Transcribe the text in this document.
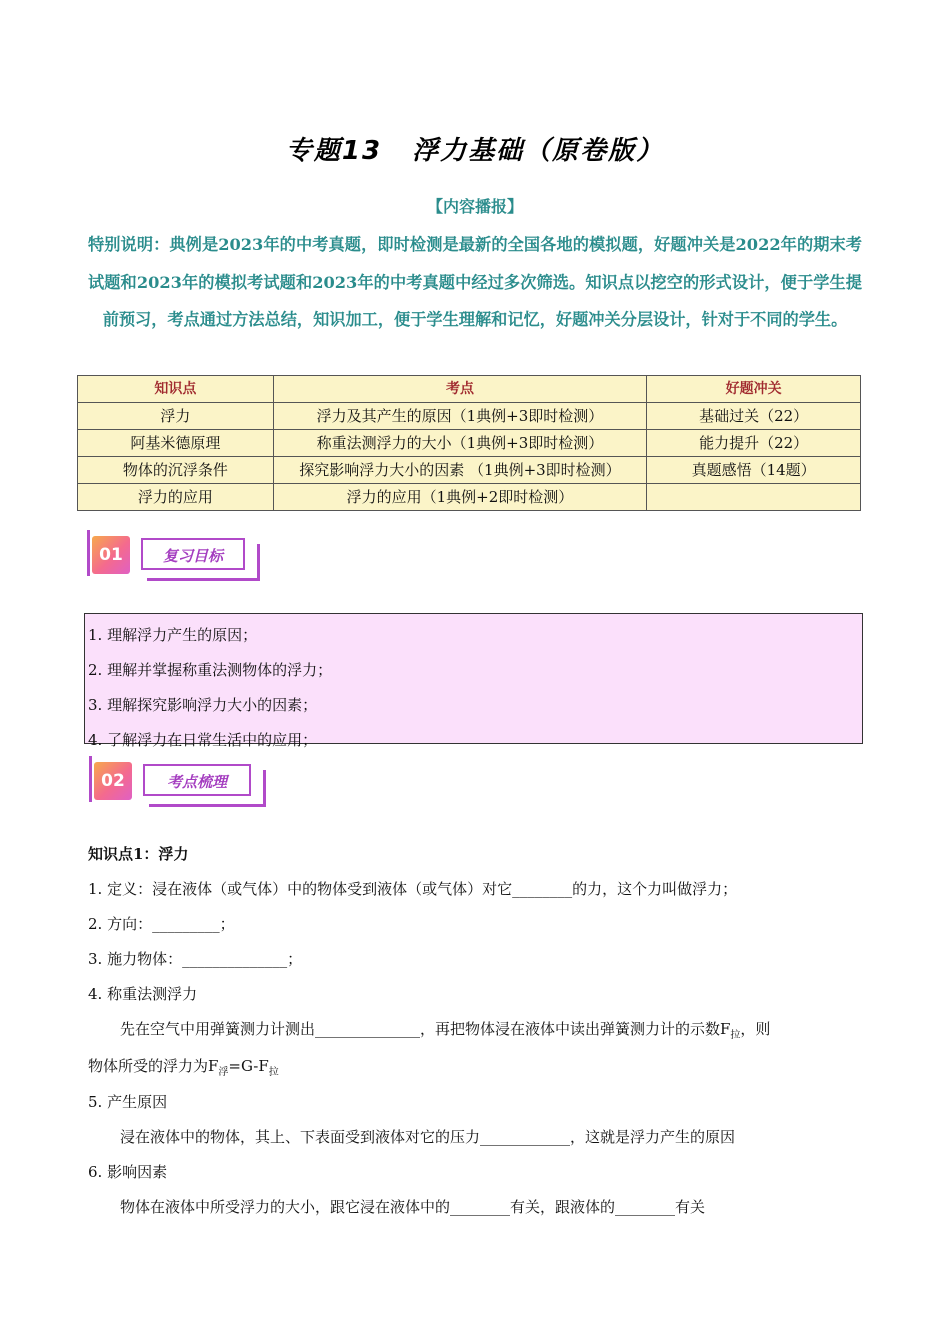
专题13 浮力基础（原卷版）
【内容播报】
特别说明：典例是2023年的中考真题，即时检测是最新的全国各地的模拟题，好题冲关是2022年的期末考试题和2023年的模拟考试题和2023年的中考真题中经过多次筛选。知识点以挖空的形式设计，便于学生提前预习，考点通过方法总结，知识加工，便于学生理解和记忆，好题冲关分层设计，针对于不同的学生。
知识点	考点	好题冲关
浮力	浮力及其产生的原因（1典例+3即时检测）	基础过关（22）
阿基米德原理	称重法测浮力的大小（1典例+3即时检测）	能力提升（22）
物体的沉浮条件	探究影响浮力大小的因素 （1典例+3即时检测）	真题感悟（14题）
浮力的应用	浮力的应用（1典例+2即时检测）	
01	复习目标
1. 理解浮力产生的原因；
2. 理解并掌握称重法测物体的浮力；
3. 理解探究影响浮力大小的因素；
4. 了解浮力在日常生活中的应用；
02	考点梳理
知识点1：浮力
1. 定义：浸在液体（或气体）中的物体受到液体（或气体）对它________的力，这个力叫做浮力；
2. 方向：_________；
3. 施力物体：______________；
4. 称重法测浮力
先在空气中用弹簧测力计测出______________，再把物体浸在液体中读出弹簧测力计的示数$F_拉$，则
物体所受的浮力为$F_浮=G-F_拉$
5. 产生原因
浸在液体中的物体，其上、下表面受到液体对它的压力____________，这就是浮力产生的原因
6. 影响因素
物体在液体中所受浮力的大小，跟它浸在液体中的________有关，跟液体的________有关
